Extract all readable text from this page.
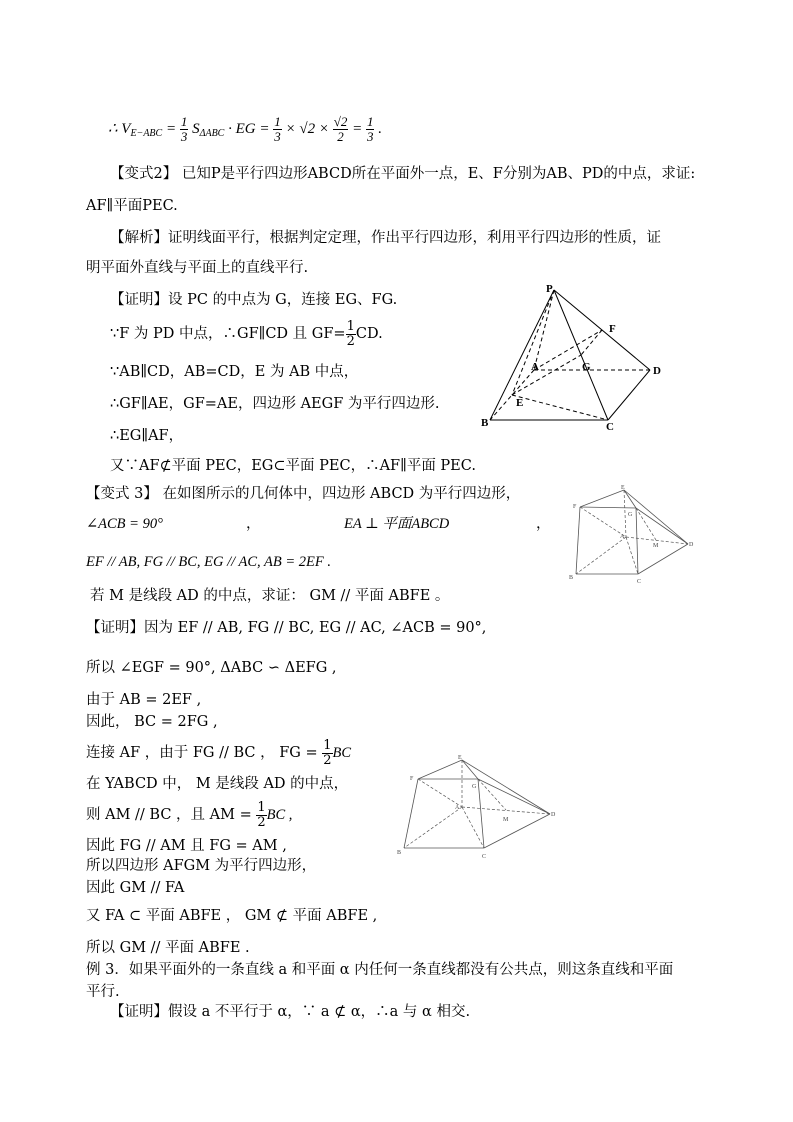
∴ $V_{E-ABC} = \frac{1}{3} S_{\Delta ABC}$ · EG = $\frac{1}{3} \times √2 \times \frac{√2}{2} = \frac{1}{3}$ .
【变式2】 已知P是平行四边形ABCD所在平面外一点，E、F分别为AB、PD的中点，求证:
AF∥平面PEC.
【解析】证明线面平行，根据判定定理，作出平行四边形，利用平行四边形的性质，证
明平面外直线与平面上的直线平行.
【证明】设 PC 的中点为 G，连接 EG、FG.
∵F 为 PD 中点，∴GF∥CD 且 $GF= \frac{1}{2}$ CD.
∵AB∥CD，AB=CD，E 为 AB 中点，
∴GF∥AE，GF=AE，四边形 AEGF 为平行四边形.
∴EG∥AF，
又∵AF⊄平面 PEC，EG⊂平面 PEC，∴AF∥平面 PEC.
P
F
A	G	D
E
B	C
【变式 3】 在如图所示的几何体中，四边形 ABCD 为平行四边形，
∠ACB = 90°	，	EA ⊥ 平面ABCD	，
EF // AB, FG // BC, EG // AC, AB = 2EF .
若 M 是线段 AD 的中点，求证： GM // 平面 ABFE 。
【证明】因为 EF // AB, FG // BC, EG // AC, ∠ACB = 90°,
所以 ∠EGF = 90°, ΔABC ∽ ΔEFG ,
由于 AB = 2EF ,
因此， BC = 2FG ,
连接 AF ，由于 FG // BC ， FG = $\frac{1}{2}$ BC
在 YABCD 中， M 是线段 AD 的中点，
则 AM // BC ，且 AM = $\frac{1}{2}$ BC ,
因此 FG // AM 且 FG = AM ,
所以四边形 AFGM 为平行四边形，
因此 GM // FA
又 FA ⊂ 平面 ABFE ， GM ⊄ 平面 ABFE ,
所以 GM // 平面 ABFE .
E
F
G
A
M	D
B
C
E
F
G
A
M
D
B
C
例 3．如果平面外的一条直线 a 和平面 α 内任何一条直线都没有公共点，则这条直线和平面
平行.
【证明】假设 a 不平行于 α，∵ a ⊄ α，∴a 与 α 相交.
